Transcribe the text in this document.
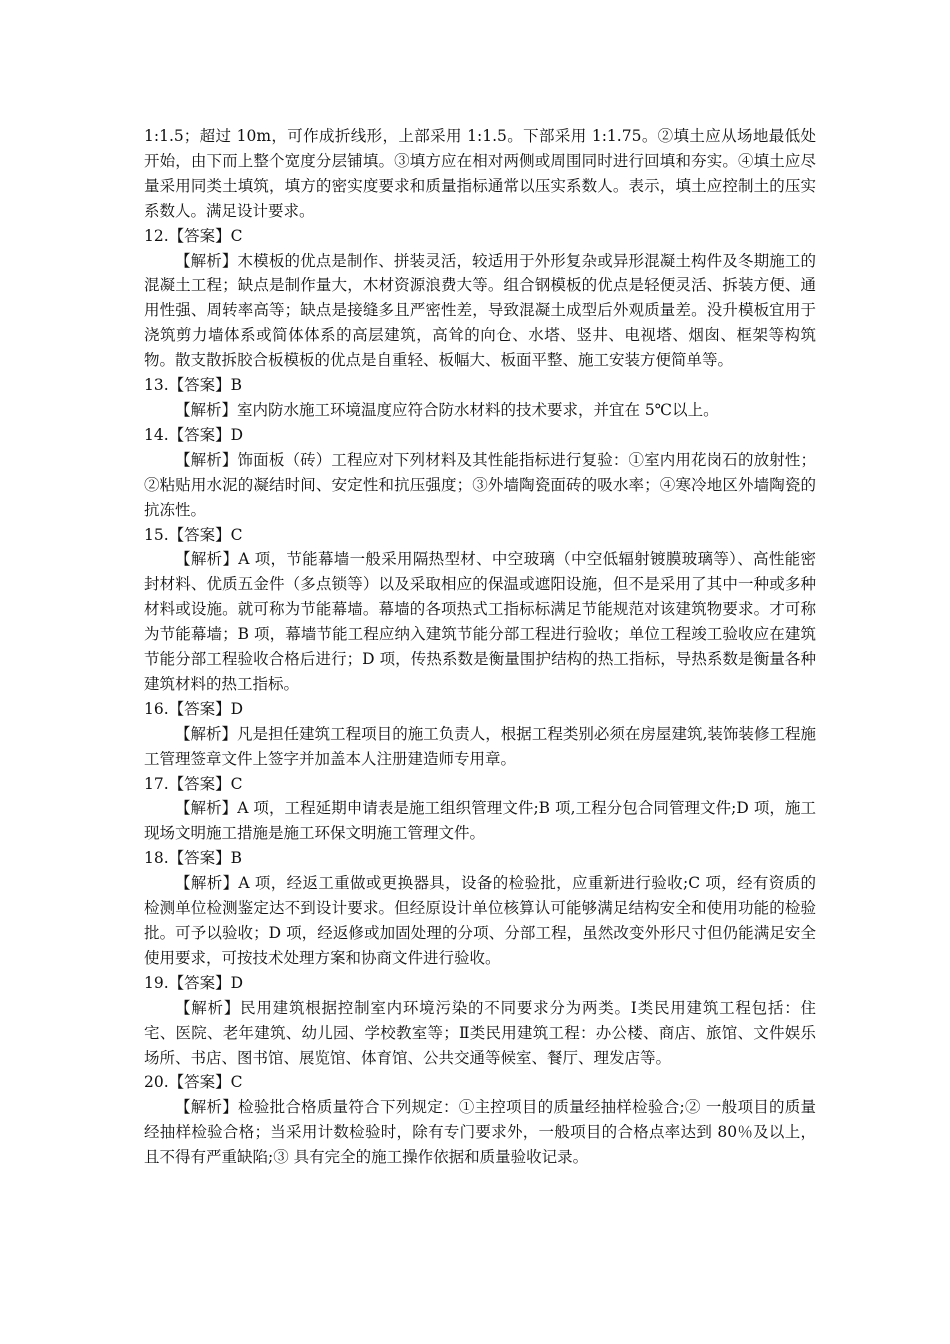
1:1.5；超过 10m，可作成折线形，上部采用 1:1.5。下部采用 1:1.75。②填土应从场地最低处开始，由下而上整个宽度分层铺填。③填方应在相对两侧或周围同时进行回填和夯实。④填土应尽量采用同类土填筑，填方的密实度要求和质量指标通常以压实系数人。表示，填土应控制土的压实系数人。满足设计要求。

12.【答案】C

【解析】木模板的优点是制作、拼装灵活，较适用于外形复杂或异形混凝土构件及冬期施工的混凝土工程；缺点是制作量大，木材资源浪费大等。组合钢模板的优点是轻便灵活、拆装方便、通用性强、周转率高等；缺点是接缝多且严密性差，导致混凝土成型后外观质量差。没升模板宜用于浇筑剪力墙体系或简体体系的高层建筑，高耸的向仓、水塔、竖井、电视塔、烟囱、框架等构筑物。散支散拆胶合板模板的优点是自重轻、板幅大、板面平整、施工安装方便简单等。

13.【答案】B

【解析】室内防水施工环境温度应符合防水材料的技术要求，并宜在 5℃以上。

14.【答案】D

【解析】饰面板（砖）工程应对下列材料及其性能指标进行复验：①室内用花岗石的放射性；②粘贴用水泥的凝结时间、安定性和抗压强度；③外墙陶瓷面砖的吸水率；④寒冷地区外墙陶瓷的抗冻性。

15.【答案】C

【解析】A 项，节能幕墙一般采用隔热型材、中空玻璃（中空低辐射镀膜玻璃等）、高性能密封材料、优质五金件（多点锁等）以及采取相应的保温或遮阳设施，但不是采用了其中一种或多种材料或设施。就可称为节能幕墙。幕墙的各项热式工指标标满足节能规范对该建筑物要求。才可称为节能幕墙；B 项，幕墙节能工程应纳入建筑节能分部工程进行验收；单位工程竣工验收应在建筑节能分部工程验收合格后进行；D 项，传热系数是衡量围护结构的热工指标，导热系数是衡量各种建筑材料的热工指标。

16.【答案】D

【解析】凡是担任建筑工程项目的施工负责人，根据工程类别必须在房屋建筑,装饰装修工程施工管理签章文件上签字并加盖本人注册建造师专用章。

17.【答案】C

【解析】A 项，工程延期申请表是施工组织管理文件;B 项,工程分包合同管理文件;D 项，施工现场文明施工措施是施工环保文明施工管理文件。

18.【答案】B

【解析】A 项，经返工重做或更换器具，设备的检验批，应重新进行验收;C 项，经有资质的检测单位检测鉴定达不到设计要求。但经原设计单位核算认可能够满足结构安全和使用功能的检验批。可予以验收；D 项，经返修或加固处理的分项、分部工程，虽然改变外形尺寸但仍能满足安全使用要求，可按技术处理方案和协商文件进行验收。

19.【答案】D

【解析】民用建筑根据控制室内环境污染的不同要求分为两类。Ⅰ类民用建筑工程包括：住宅、医院、老年建筑、幼儿园、学校教室等；Ⅱ类民用建筑工程：办公楼、商店、旅馆、文件娱乐场所、书店、图书馆、展览馆、体育馆、公共交通等候室、餐厅、理发店等。

20.【答案】C

【解析】检验批合格质量符合下列规定：①主控项目的质量经抽样检验合;② 一般项目的质量经抽样检验合格；当采用计数检验时，除有专门要求外，一般项目的合格点率达到 80％及以上，且不得有严重缺陷;③ 具有完全的施工操作依据和质量验收记录。
